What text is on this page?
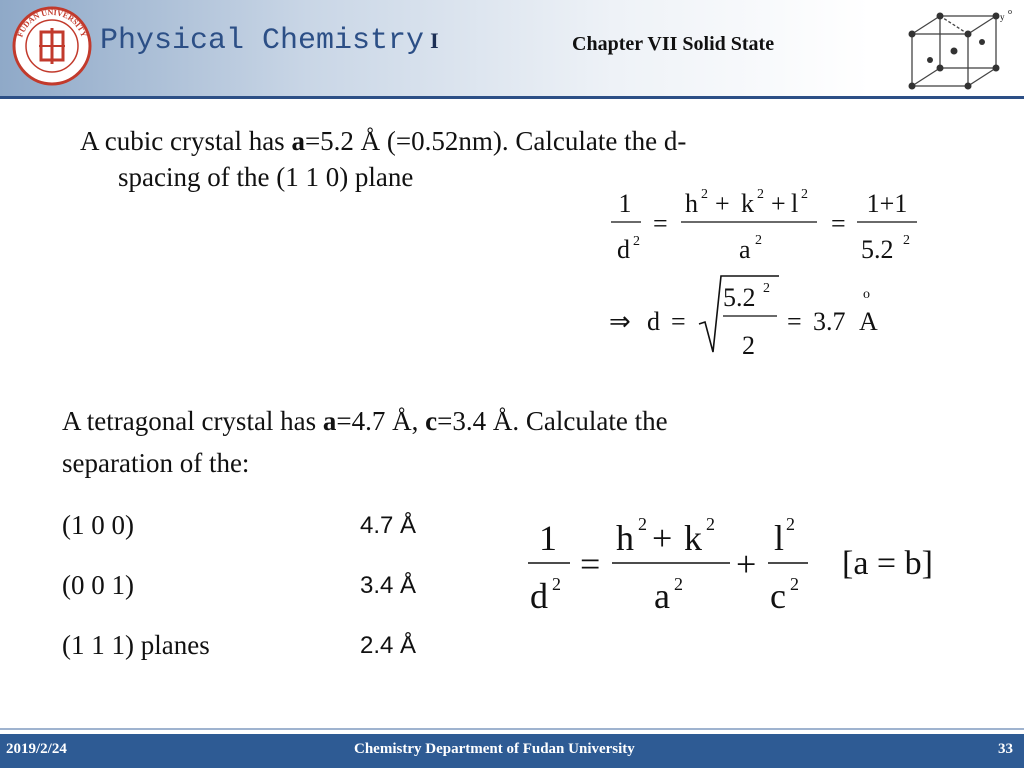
FUDAN UNIVERSITY Physical Chemistry I	Chapter VII Solid State
y
o
A cubic crystal has a=5.2 Å (=0.52nm). Calculate the d-
spacing of the (1 1 0) plane
1
d 2
=
h 2 + k 2 + l 2
a 2
=
1+1
5.2 2
⇒ d =
5.2 2
2
= 3.7
o
A
A tetragonal crystal has a=4.7 Å, c=3.4 Å. Calculate the
separation of the:
(1 0 0)	4.7 Å
(0 0 1)	3.4 Å
(1 1 1) planes	2.4 Å
1
d 2 =
h 2 + k 2
a 2 +
l 2
c 2
[a = b]
2019/2/24	Chemistry Department of Fudan University	33
